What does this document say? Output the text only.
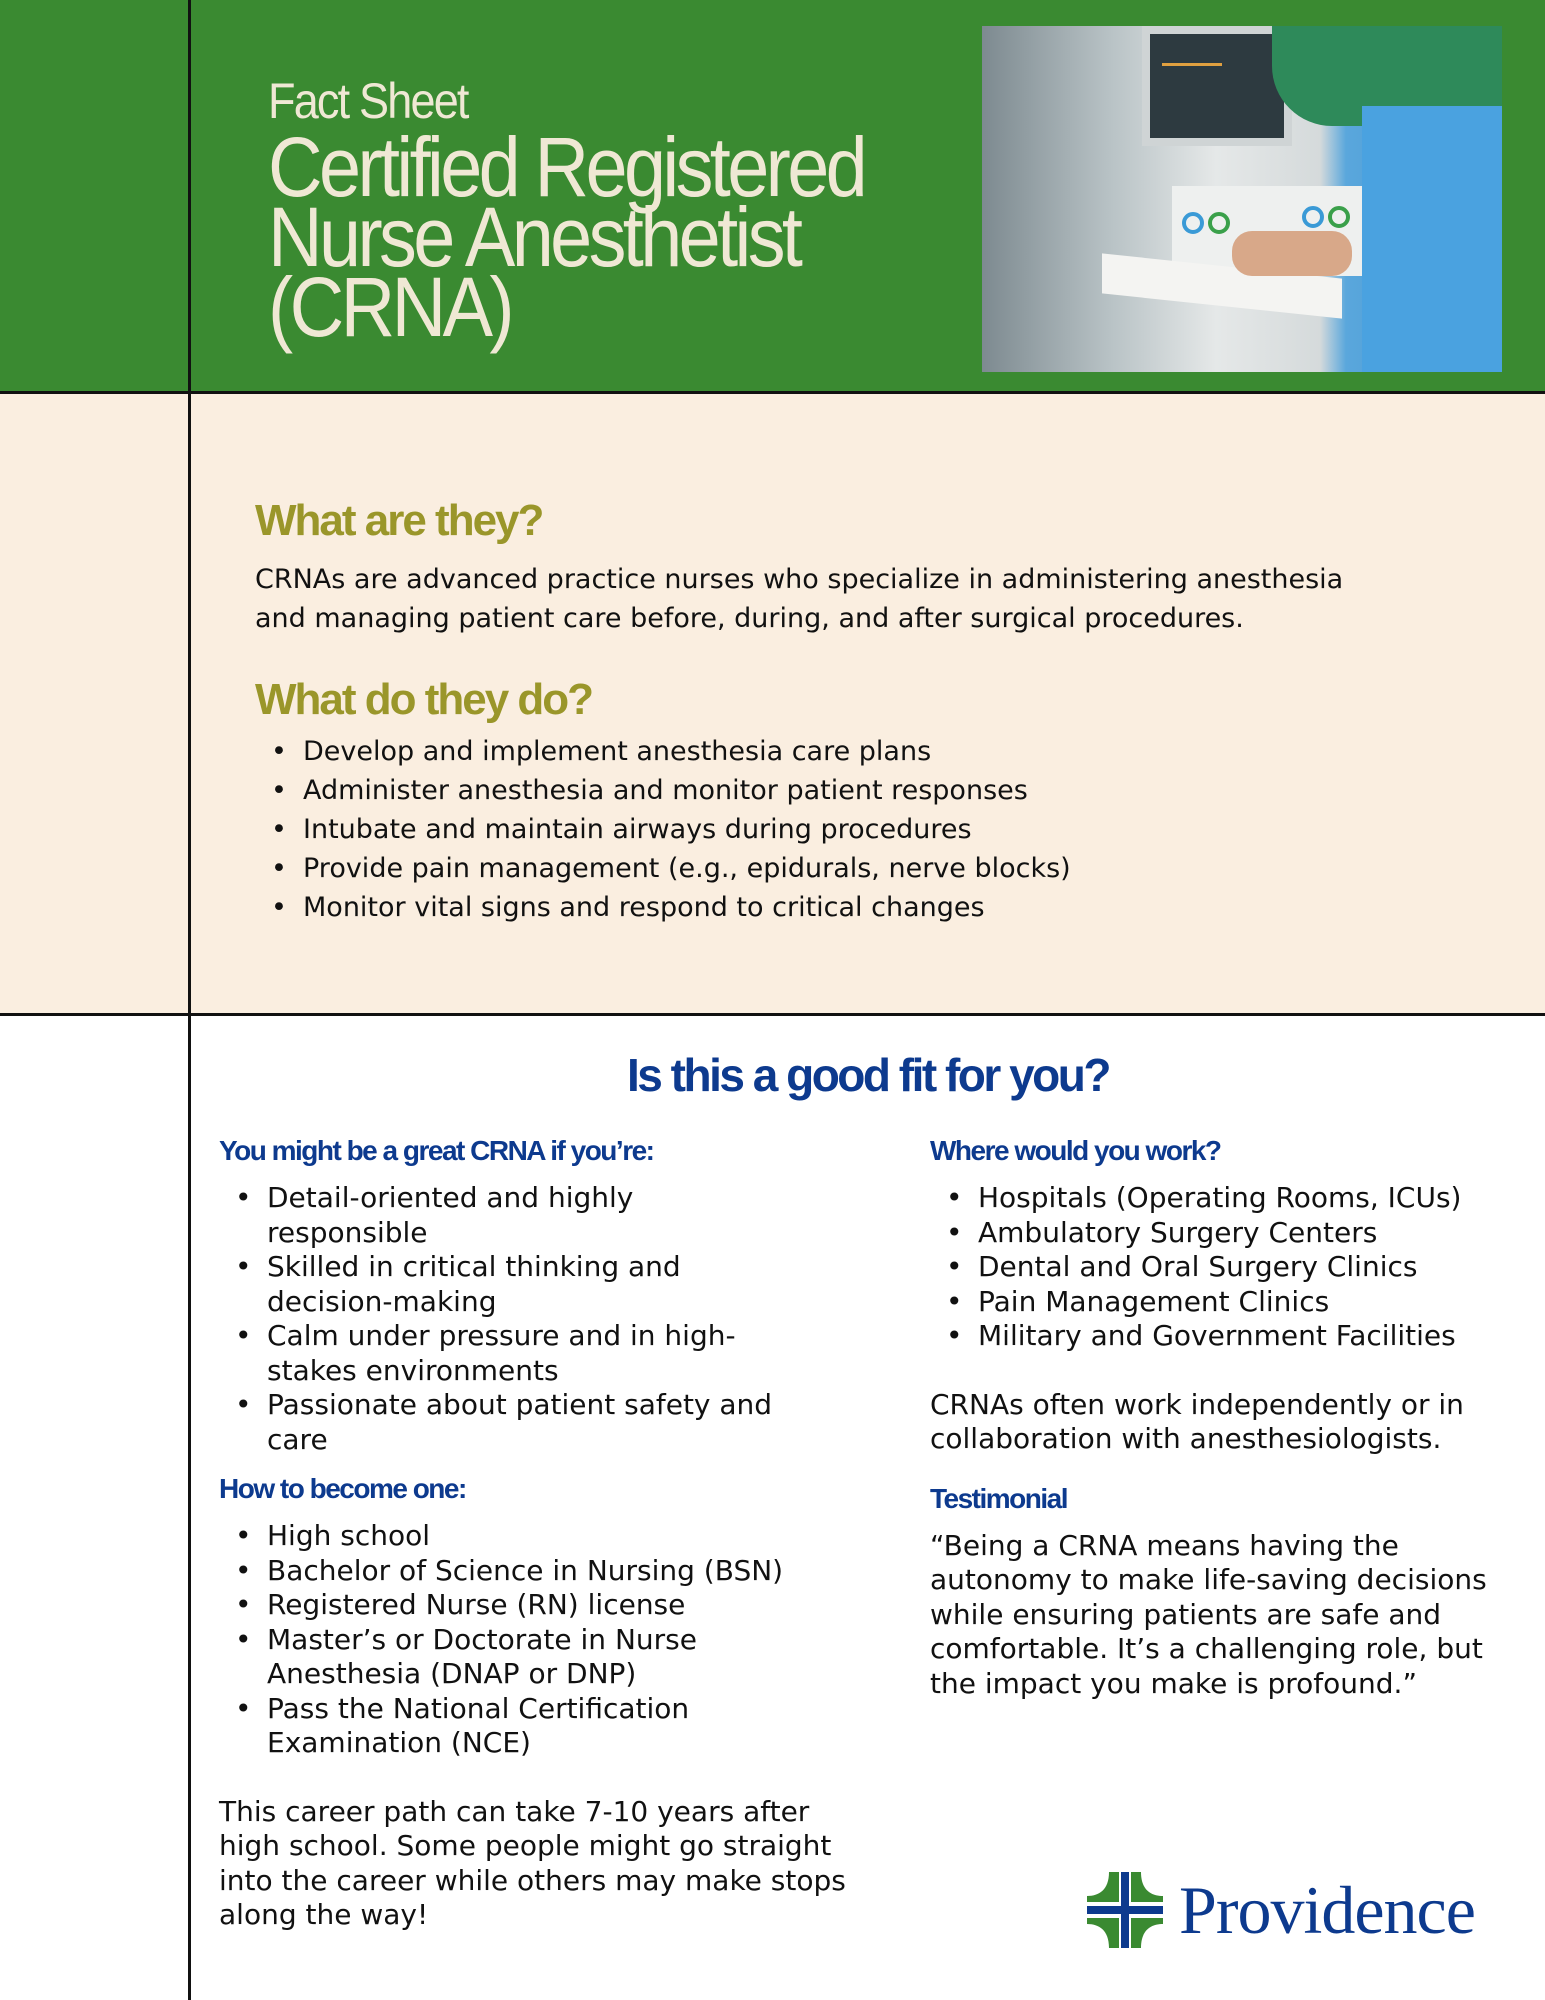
Fact Sheet
Certified Registered
Nurse Anesthetist
(CRNA)
What are they?
CRNAs are advanced practice nurses who specialize in administering anesthesia
and managing patient care before, during, and after surgical procedures.
What do they do?
• Develop and implement anesthesia care plans
• Administer anesthesia and monitor patient responses
• Intubate and maintain airways during procedures
• Provide pain management (e.g., epidurals, nerve blocks)
• Monitor vital signs and respond to critical changes
Is this a good fit for you?
You might be a great CRNA if you’re:
• Detail-oriented and highly
responsible
• Skilled in critical thinking and
decision-making
• Calm under pressure and in high-
stakes environments
• Passionate about patient safety and
care
How to become one:
• High school
• Bachelor of Science in Nursing (BSN)
• Registered Nurse (RN) license
• Master’s or Doctorate in Nurse
Anesthesia (DNAP or DNP)
• Pass the National Certification
Examination (NCE)
This career path can take 7-10 years after
high school. Some people might go straight
into the career while others may make stops
along the way!
Where would you work?
• Hospitals (Operating Rooms, ICUs)
• Ambulatory Surgery Centers
• Dental and Oral Surgery Clinics
• Pain Management Clinics
• Military and Government Facilities
CRNAs often work independently or in
collaboration with anesthesiologists.
Testimonial
“Being a CRNA means having the
autonomy to make life-saving decisions
while ensuring patients are safe and
comfortable. It’s a challenging role, but
the impact you make is profound.”
Providence
